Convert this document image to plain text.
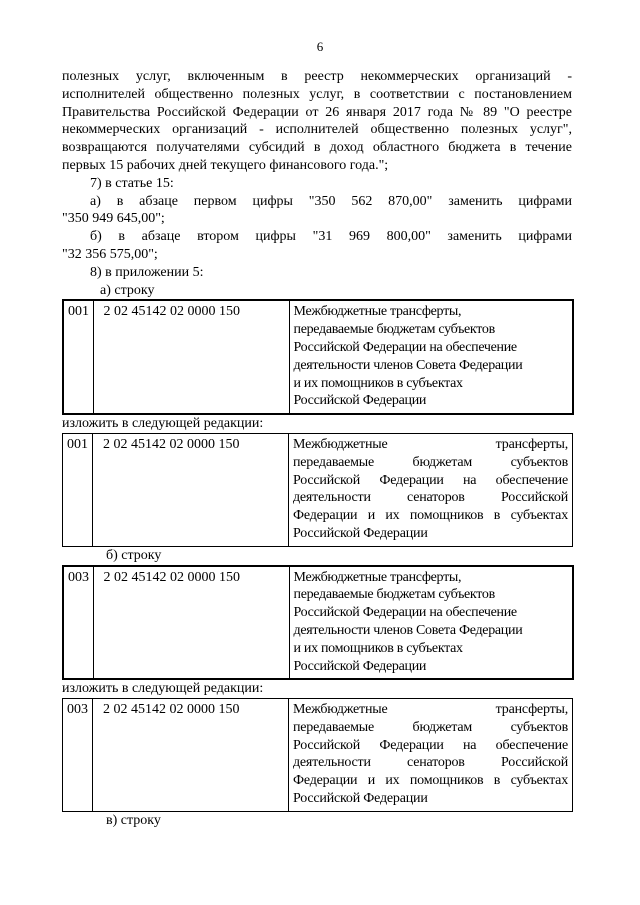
6
полезных услуг, включенным в реестр некоммерческих организаций -
исполнителей общественно полезных услуг, в соответствии с постановлением
Правительства Российской Федерации от 26 января 2017 года № 89 "О реестре
некоммерческих организаций - исполнителей общественно полезных услуг",
возвращаются получателями субсидий в доход областного бюджета в течение
первых 15 рабочих дней текущего финансового года.";
7) в статье 15:
а) в абзаце первом цифры "350 562 870,00" заменить цифрами
"350 949 645,00";
б) в абзаце втором цифры "31 969 800,00" заменить цифрами
"32 356 575,00";
8) в приложении 5:
а) строку
001	2 02 45142 02 0000 150	Межбюджетные трансферты,
передаваемые бюджетам субъектов
Российской Федерации на обеспечение
деятельности членов Совета Федерации
и их помощников в субъектах
Российской Федерации
изложить в следующей редакции:
001	2 02 45142 02 0000 150	Межбюджетные трансферты,
передаваемые бюджетам субъектов
Российской Федерации на обеспечение
деятельности сенаторов Российской
Федерации и их помощников в субъектах
Российской Федерации
б) строку
003	2 02 45142 02 0000 150	Межбюджетные трансферты,
передаваемые бюджетам субъектов
Российской Федерации на обеспечение
деятельности членов Совета Федерации
и их помощников в субъектах
Российской Федерации
изложить в следующей редакции:
003	2 02 45142 02 0000 150	Межбюджетные трансферты,
передаваемые бюджетам субъектов
Российской Федерации на обеспечение
деятельности сенаторов Российской
Федерации и их помощников в субъектах
Российской Федерации
в) строку
